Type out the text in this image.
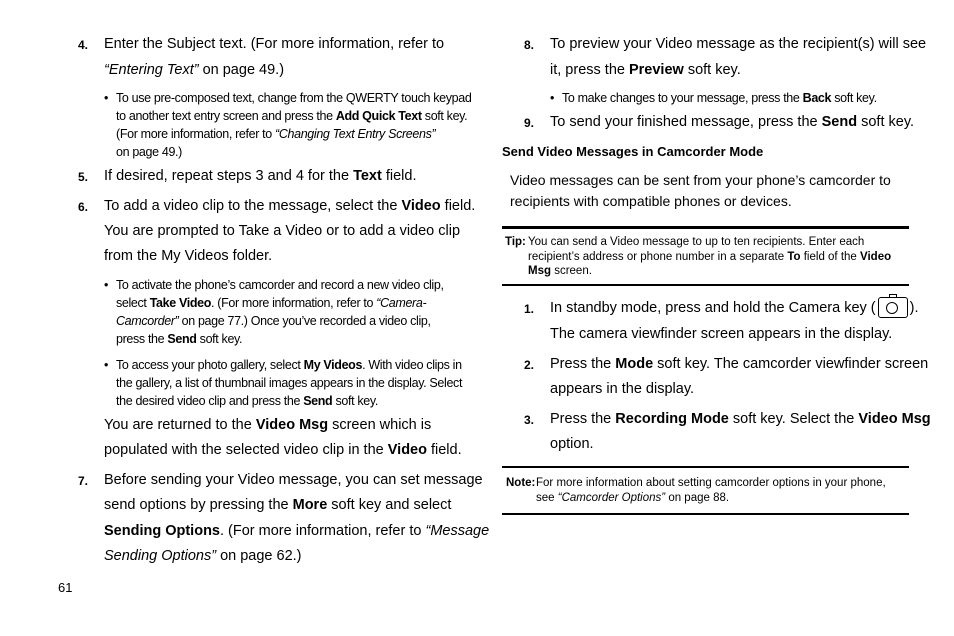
4. Enter the Subject text. (For more information, refer to
“Entering Text” on page 49.)
• To use pre-composed text, change from the QWERTY touch keypad
to another text entry screen and press the Add Quick Text soft key.
(For more information, refer to “Changing Text Entry Screens”
on page 49.)
5. If desired, repeat steps 3 and 4 for the Text field.
6. To add a video clip to the message, select the Video field.
You are prompted to Take a Video or to add a video clip
from the My Videos folder.
• To activate the phone’s camcorder and record a new video clip,
select Take Video. (For more information, refer to “Camera-
Camcorder” on page 77.) Once you’ve recorded a video clip,
press the Send soft key.
• To access your photo gallery, select My Videos. With video clips in
the gallery, a list of thumbnail images appears in the display. Select
the desired video clip and press the Send soft key.
You are returned to the Video Msg screen which is
populated with the selected video clip in the Video field.
7. Before sending your Video message, you can set message
send options by pressing the More soft key and select
Sending Options. (For more information, refer to “Message
Sending Options” on page 62.)
8. To preview your Video message as the recipient(s) will see
it, press the Preview soft key.
• To make changes to your message, press the Back soft key.
9. To send your finished message, press the Send soft key.
Send Video Messages in Camcorder Mode
Video messages can be sent from your phone’s camcorder to
recipients with compatible phones or devices.
Tip: You can send a Video message to up to ten recipients. Enter each
recipient’s address or phone number in a separate To field of the Video
Msg screen.
1. In standby mode, press and hold the Camera key ( ).
The camera viewfinder screen appears in the display.
2. Press the Mode soft key. The camcorder viewfinder screen
appears in the display.
3. Press the Recording Mode soft key. Select the Video Msg
option.
Note: For more information about setting camcorder options in your phone,
see “Camcorder Options” on page 88.
61
